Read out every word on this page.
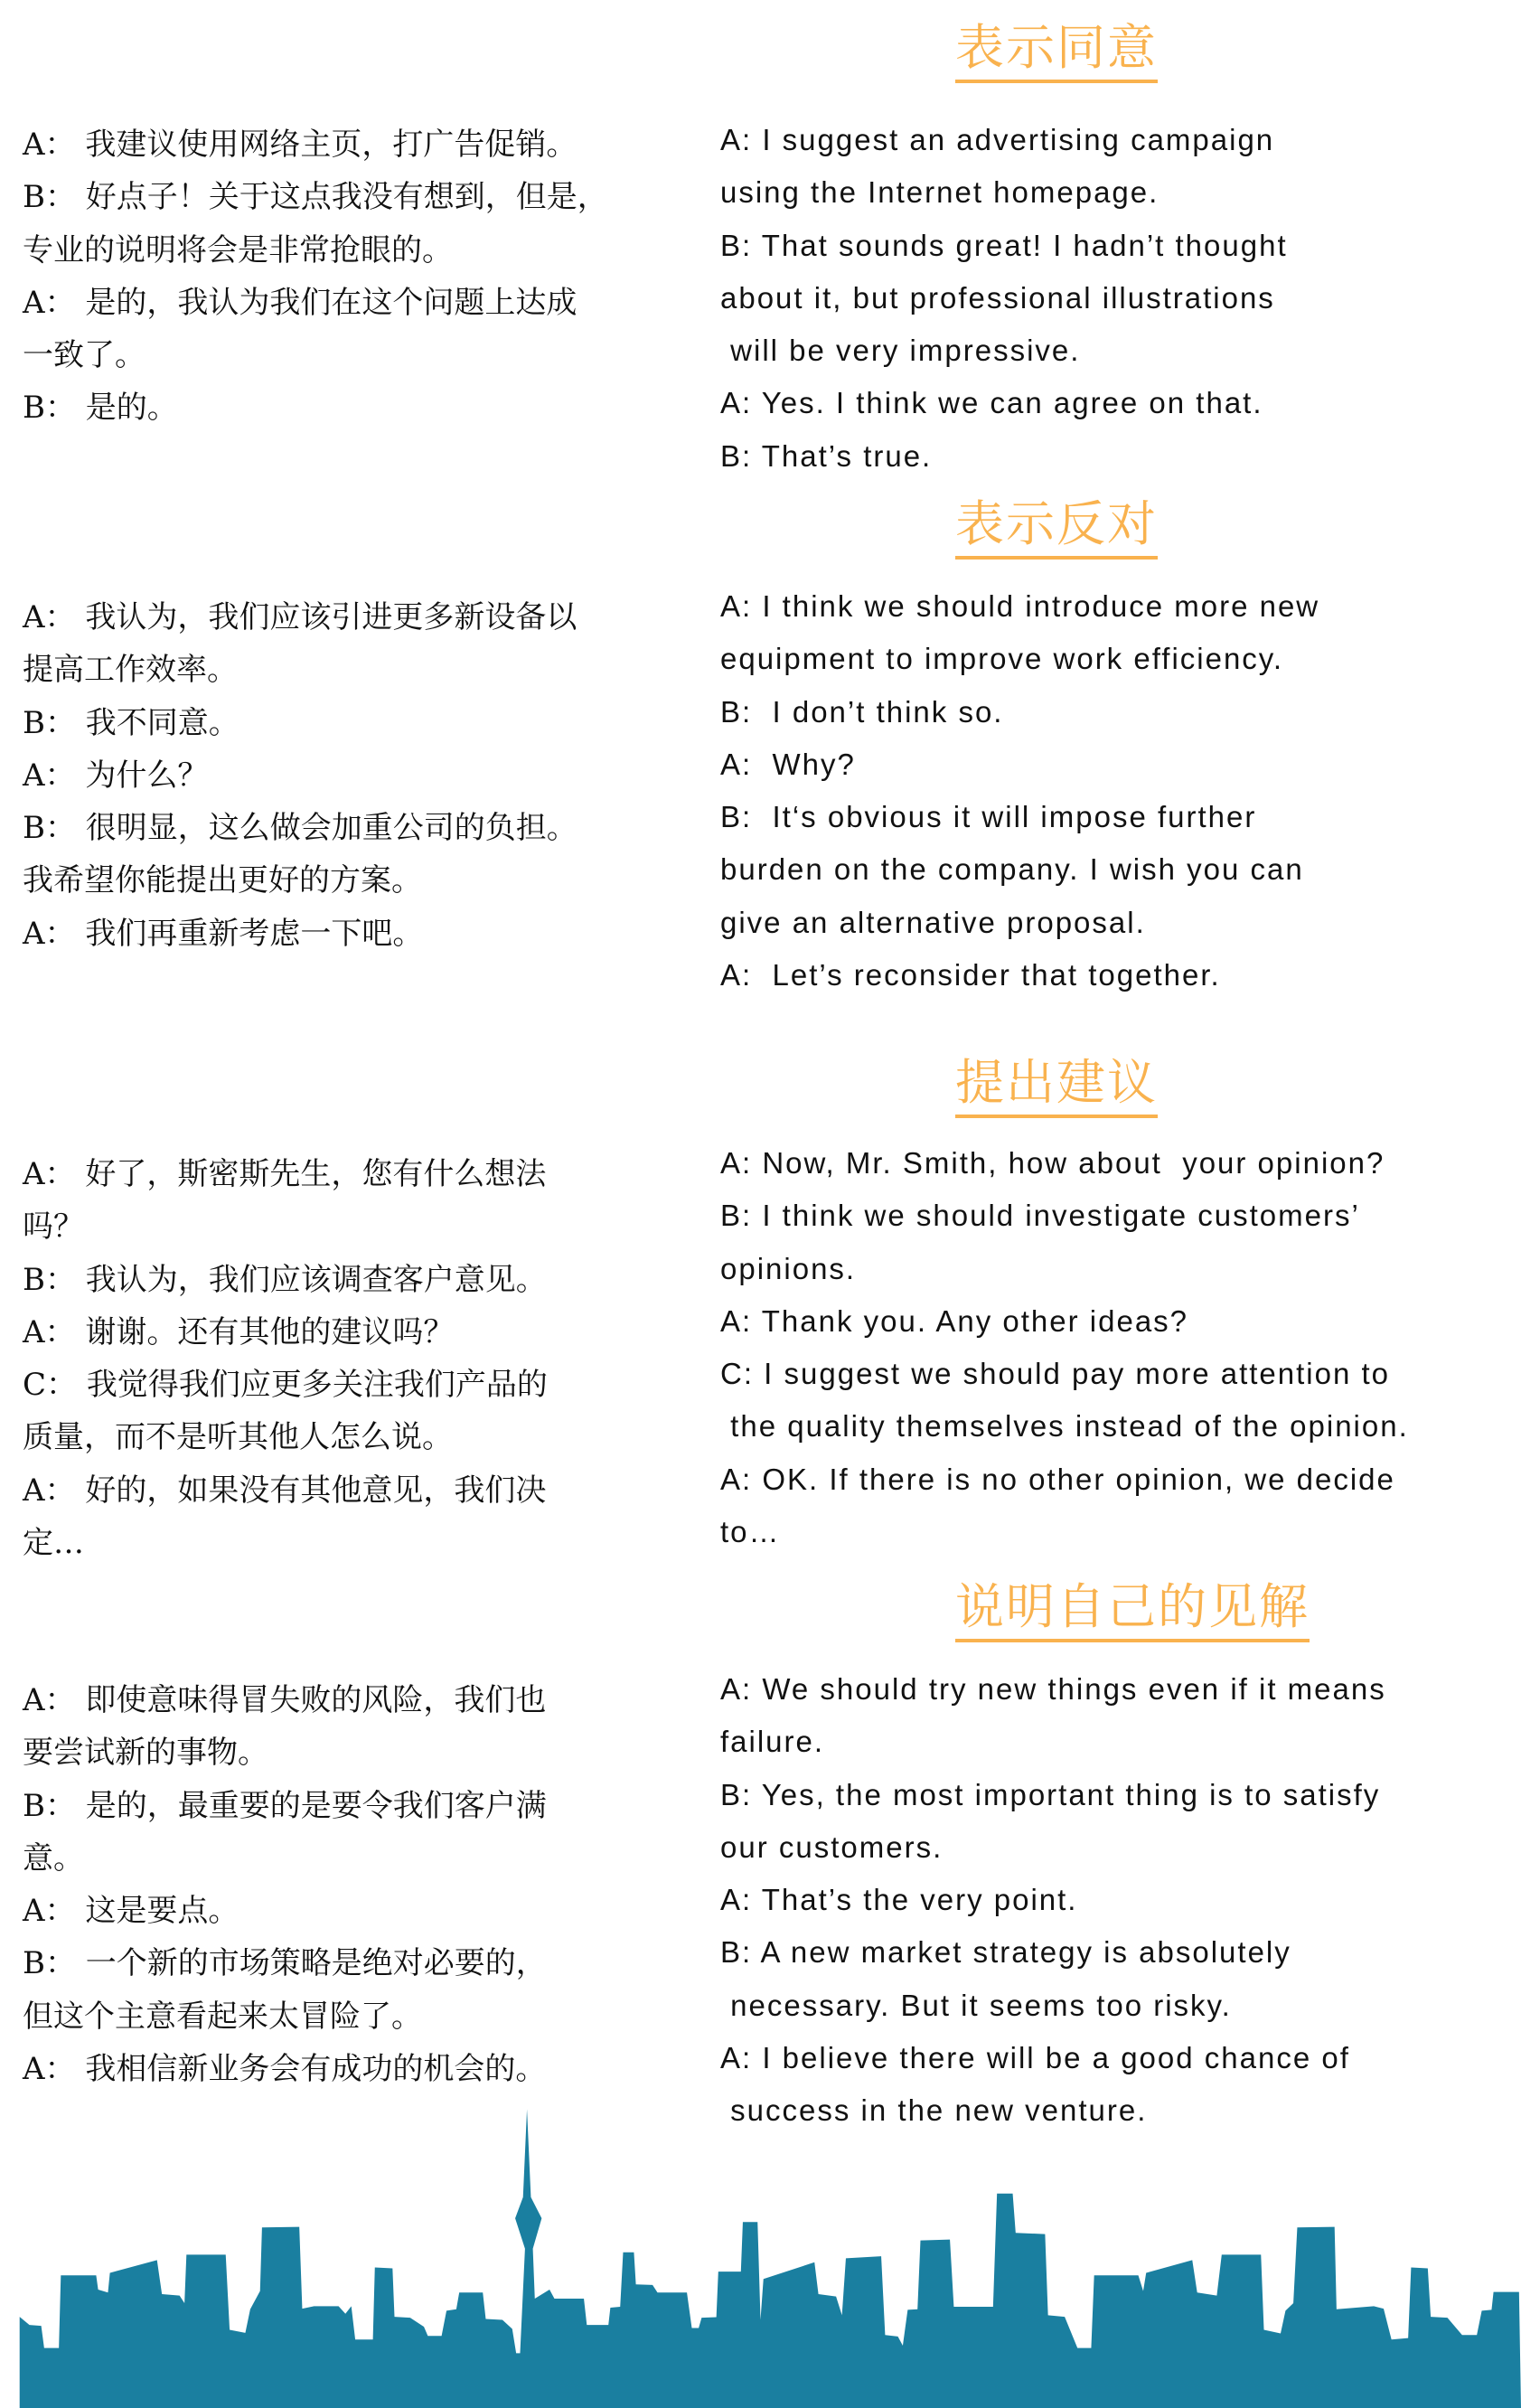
表示同意
A： 我建议使用网络主页，打广告促销。
B： 好点子！关于这点我没有想到，但是，
专业的说明将会是非常抢眼的。
A： 是的，我认为我们在这个问题上达成
一致了。
B： 是的。
A: I suggest an advertising campaign
using the Internet homepage.
B: That sounds great! I hadn’t thought
about it, but professional illustrations
will be very impressive.
A: Yes. I think we can agree on that.
B: That’s true.
表示反对
A： 我认为，我们应该引进更多新设备以
提高工作效率。
B： 我不同意。
A： 为什么？
B： 很明显，这么做会加重公司的负担。
我希望你能提出更好的方案。
A： 我们再重新考虑一下吧。
A: I think we should introduce more new
equipment to improve work efficiency.
B:  I don’t think so.
A:  Why?
B:  It‘s obvious it will impose further
burden on the company. I wish you can
give an alternative proposal.
A:  Let’s reconsider that together.
提出建议
A： 好了，斯密斯先生，您有什么想法
吗？
B： 我认为，我们应该调查客户意见。
A： 谢谢。还有其他的建议吗？
C： 我觉得我们应更多关注我们产品的
质量，而不是听其他人怎么说。
A： 好的，如果没有其他意见，我们决
定…
A: Now, Mr. Smith, how about  your opinion?
B: I think we should investigate customers’
opinions.
A: Thank you. Any other ideas?
C: I suggest we should pay more attention to
the quality themselves instead of the opinion.
A: OK. If there is no other opinion, we decide
to…
说明自己的见解
A： 即使意味得冒失败的风险，我们也
要尝试新的事物。
B： 是的，最重要的是要令我们客户满
意。
A： 这是要点。
B： 一个新的市场策略是绝对必要的，
但这个主意看起来太冒险了。
A： 我相信新业务会有成功的机会的。
A: We should try new things even if it means
failure.
B: Yes, the most important thing is to satisfy
our customers.
A: That’s the very point.
B: A new market strategy is absolutely
necessary. But it seems too risky.
A: I believe there will be a good chance of
success in the new venture.
